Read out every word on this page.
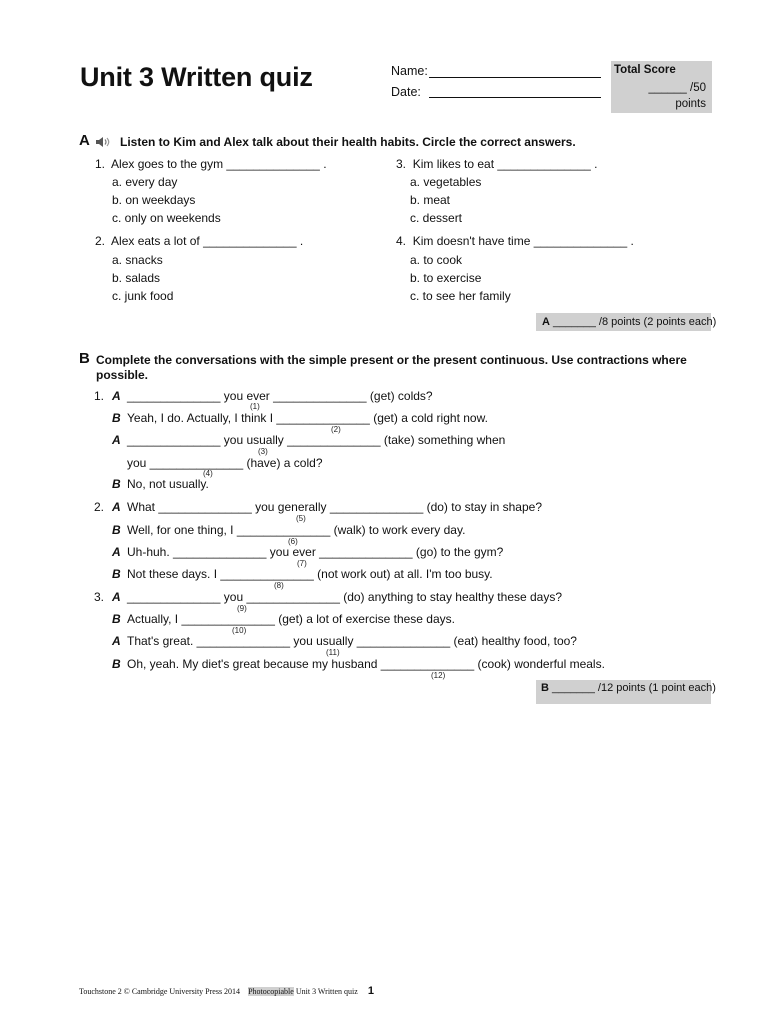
Unit 3 Written quiz	Name:
Date:
Total Score
______ /50
points
A	Listen to Kim and Alex talk about their health habits. Circle the correct answers.
1. Alex goes to the gym ______________ .
a. every day
b. on weekdays
c. only on weekends
2. Alex eats a lot of ______________ .
a. snacks
b. salads
c. junk food
3. Kim likes to eat ______________ .
a. vegetables
b. meat
c. dessert
4. Kim doesn't have time ______________ .
a. to cook
b. to exercise
c. to see her family
A _______ /8 points (2 points each)
B Complete the conversations with the simple present or the present continuous. Use contractions where
possible.
1.
2.
3.
A ______________ you ever ______________ (get) colds?
B Yeah, I do. Actually, I think I ______________ (get) a cold right now.
A ______________ you usually ______________ (take) something when
you ______________ (have) a cold?
B No, not usually.
A What ______________ you generally ______________ (do) to stay in shape?
B Well, for one thing, I ______________ (walk) to work every day.
A Uh-huh. ______________ you ever ______________ (go) to the gym?
B Not these days. I ______________ (not work out) at all. I'm too busy.
A ______________ you ______________ (do) anything to stay healthy these days?
B Actually, I ______________ (get) a lot of exercise these days.
A That's great. ______________ you usually ______________ (eat) healthy food, too?
B Oh, yeah. My diet's great because my husband ______________ (cook) wonderful meals.
(1)
(2)
(3)
(4)
(5)
(6)
(7)
(8)
(9)
(10)
(11)
(12)
B _______ /12 points (1 point each)
Touchstone 2 © Cambridge University Press 2014 Photocopiable Unit 3 Written quiz 1
